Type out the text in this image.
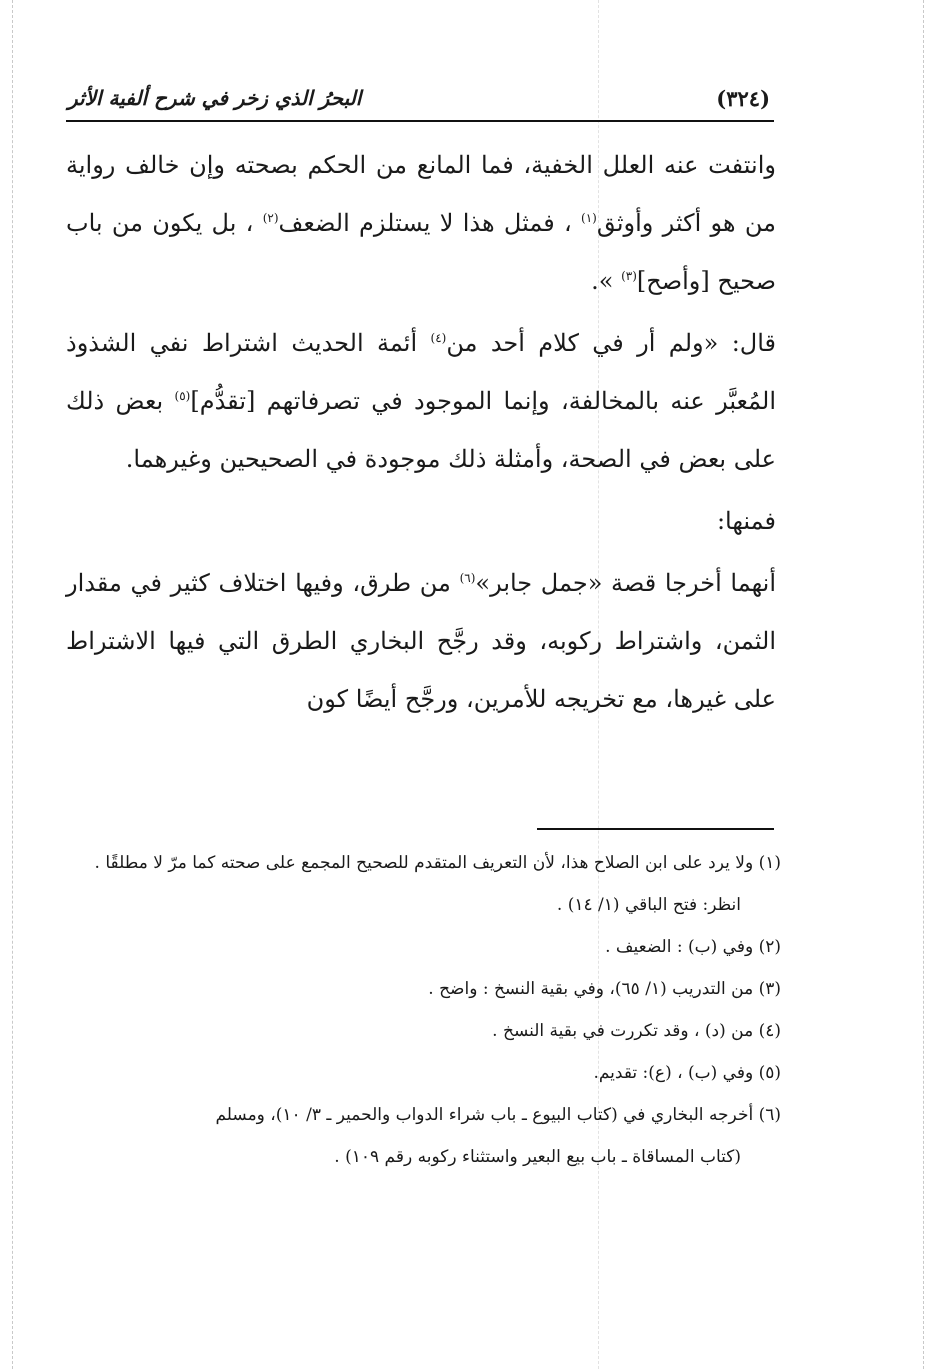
(٣٢٤)
البحرُ الذي زخر في شرح ألفية الأثر

وانتفت عنه العلل الخفية، فما المانع من الحكم بصحته وإن خالف رواية من هو أكثر وأوثق$^{(١)}$ ، فمثل هذا لا يستلزم الضعف$^{(٢)}$ ، بل يكون من باب صحيح [وأصح]$^{(٣)}$ ».

قال: «ولم أر في كلام أحد من$^{(٤)}$ أئمة الحديث اشتراط نفي الشذوذ المُعبَّر عنه بالمخالفة، وإنما الموجود في تصرفاتهم [تقدُّم]$^{(٥)}$ بعض ذلك على بعض في الصحة، وأمثلة ذلك موجودة في الصحيحين وغيرهما.

فمنها:

أنهما أخرجا قصة «جمل جابر»$^{(٦)}$ من طرق، وفيها اختلاف كثير في مقدار الثمن، واشتراط ركوبه، وقد رجَّح البخاري الطرق التي فيها الاشتراط على غيرها، مع تخريجه للأمرين، ورجَّح أيضًا كون

(١) ولا يرد على ابن الصلاح هذا، لأن التعريف المتقدم للصحيح المجمع على صحته كما مرّ لا مطلقًا .

انظر: فتح الباقي (١/ ١٤) .

(٢) وفي (ب) : الضعيف .

(٣) من التدريب (١/ ٦٥)، وفي بقية النسخ : واضح .

(٤) من (د) ، وقد تكررت في بقية النسخ .

(٥) وفي (ب) ، (ع): تقديم.

(٦) أخرجه البخاري في (كتاب البيوع ـ باب شراء الدواب والحمير ـ ٣/ ١٠)، ومسلم

(كتاب المساقاة ـ باب بيع البعير واستثناء ركوبه رقم ١٠٩) .
